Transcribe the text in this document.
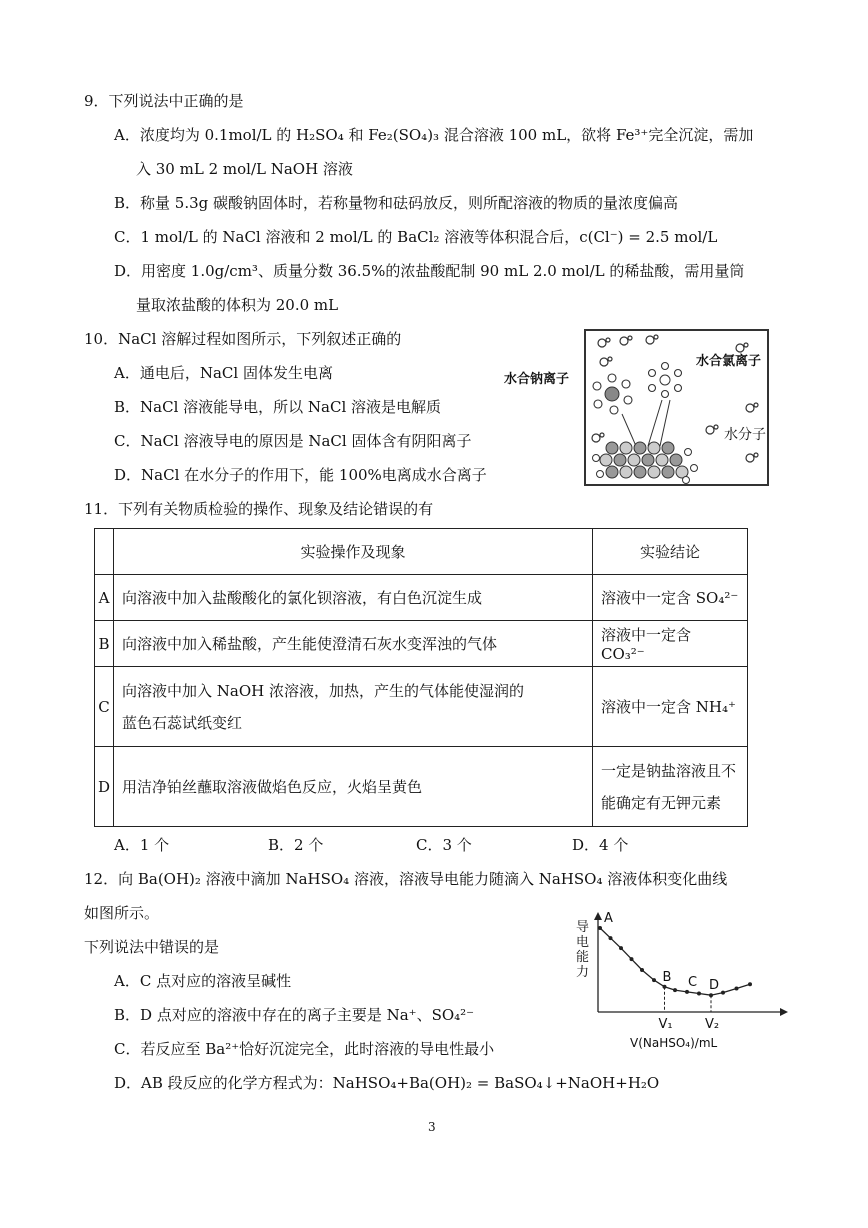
9．下列说法中正确的是
A．浓度均为 0.1mol/L 的 H₂SO₄ 和 Fe₂(SO₄)₃ 混合溶液 100 mL，欲将 Fe³⁺完全沉淀，需加
入 30 mL 2 mol/L NaOH 溶液
B．称量 5.3g 碳酸钠固体时，若称量物和砝码放反，则所配溶液的物质的量浓度偏高
C．1 mol/L 的 NaCl 溶液和 2 mol/L 的 BaCl₂ 溶液等体积混合后，c(Cl⁻) = 2.5 mol/L
D．用密度 1.0g/cm³、质量分数 36.5%的浓盐酸配制 90 mL 2.0 mol/L 的稀盐酸，需用量筒
量取浓盐酸的体积为 20.0 mL
10．NaCl 溶解过程如图所示，下列叙述正确的
A．通电后，NaCl 固体发生电离
B．NaCl 溶液能导电，所以 NaCl 溶液是电解质
C．NaCl 溶液导电的原因是 NaCl 固体含有阴阳离子
D．NaCl 在水分子的作用下，能 100%电离成水合离子
水合钠离子
水合氯离子
水分子
11．下列有关物质检验的操作、现象及结论错误的有
	实验操作及现象	实验结论
A	向溶液中加入盐酸酸化的氯化钡溶液，有白色沉淀生成	溶液中一定含 SO₄²⁻
B	向溶液中加入稀盐酸，产生能使澄清石灰水变浑浊的气体	溶液中一定含 CO₃²⁻
C	向溶液中加入 NaOH 浓溶液，加热，产生的气体能使湿润的
蓝色石蕊试纸变红	溶液中一定含 NH₄⁺
D	用洁净铂丝蘸取溶液做焰色反应，火焰呈黄色	一定是钠盐溶液且不
能确定有无钾元素
A．1 个	B．2 个	C．3 个	D．4 个
12．向 Ba(OH)₂ 溶液中滴加 NaHSO₄ 溶液，溶液导电能力随滴入 NaHSO₄ 溶液体积变化曲线
如图所示。
下列说法中错误的是
A．C 点对应的溶液呈碱性
B．D 点对应的溶液中存在的离子主要是 Na⁺、SO₄²⁻
C．若反应至 Ba²⁺恰好沉淀完全，此时溶液的导电性最小
D．AB 段反应的化学方程式为：NaHSO₄+Ba(OH)₂ = BaSO₄↓+NaOH+H₂O
A
B C D
V₁ V₂
导电能力
V(NaHSO₄)/mL
3
